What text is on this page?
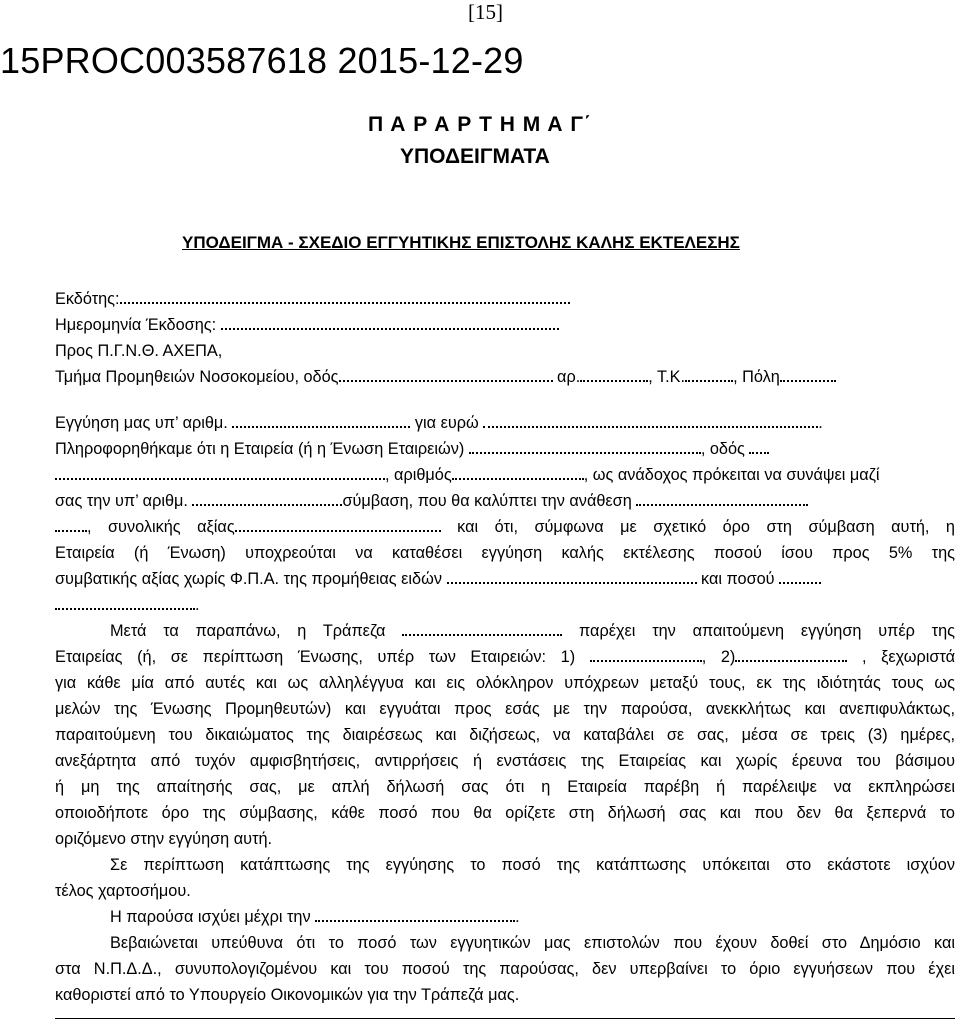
[15]
15PROC003587618 2015-12-29
Π Α Ρ Α Ρ Τ Η Μ Α Γ΄
ΥΠΟΔΕΙΓΜΑΤΑ
ΥΠΟΔΕΙΓΜΑ - ΣΧΕΔΙΟ ΕΓΓΥΗΤΙΚΗΣ ΕΠΙΣΤΟΛΗΣ ΚΑΛΗΣ ΕΚΤΕΛΕΣΗΣ
Εκδότης:
Ημερομηνία Έκδοσης:
Προς Π.Γ.Ν.Θ. ΑΧΕΠΑ,
Τμήμα Προμηθειών Νοσοκομείου, οδός	αρ.	, Τ.Κ.	, Πόλη
Εγγύηση μας υπ’ αριθμ.	για ευρώ	.
Πληροφορηθήκαμε ότι η Εταιρεία (ή η Ένωση Εταιρειών)	, οδός
, αριθμός	, ως ανάδοχος πρόκειται να συνάψει μαζί
σας την υπ’ αριθμ.	σύμβαση, που θα καλύπτει την ανάθεση
, συνολικής αξίας	και ότι, σύμφωνα με σχετικό όρο στη σύμβαση αυτή, η
Εταιρεία (ή Ένωση) υποχρεούται να καταθέσει εγγύηση καλής εκτέλεσης ποσού ίσου προς 5% της
συμβατικής αξίας χωρίς Φ.Π.Α. της προμήθειας ειδών	και ποσού
.
Μετά τα παραπάνω, η Τράπεζα	παρέχει την απαιτούμενη εγγύηση υπέρ της
Εταιρείας (ή, σε περίπτωση Ένωσης, υπέρ των Εταιρειών: 1)	, 2)	, ξεχωριστά
για κάθε μία από αυτές και ως αλληλέγγυα και εις ολόκληρον υπόχρεων μεταξύ τους, εκ της ιδιότητάς τους ως
μελών της Ένωσης Προμηθευτών) και εγγυάται προς εσάς με την παρούσα, ανεκκλήτως και ανεπιφυλάκτως,
παραιτούμενη του δικαιώματος της διαιρέσεως και διζήσεως, να καταβάλει σε σας, μέσα σε τρεις (3) ημέρες,
ανεξάρτητα από τυχόν αμφισβητήσεις, αντιρρήσεις ή ενστάσεις της Εταιρείας και χωρίς έρευνα του βάσιμου
ή μη της απαίτησής σας, με απλή δήλωσή σας ότι η Εταιρεία παρέβη ή παρέλειψε να εκπληρώσει
οποιοδήποτε όρο της σύμβασης, κάθε ποσό που θα ορίζετε στη δήλωσή σας και που δεν θα ξεπερνά το
οριζόμενο στην εγγύηση αυτή.
Σε περίπτωση κατάπτωσης της εγγύησης το ποσό της κατάπτωσης υπόκειται στο εκάστοτε ισχύον
τέλος χαρτοσήμου.
Η παρούσα ισχύει μέχρι την	.
Βεβαιώνεται υπεύθυνα ότι το ποσό των εγγυητικών μας επιστολών που έχουν δοθεί στο Δημόσιο και
στα Ν.Π.Δ.Δ., συνυπολογιζομένου και του ποσού της παρούσας, δεν υπερβαίνει το όριο εγγυήσεων που έχει
καθοριστεί από το Υπουργείο Οικονομικών για την Τράπεζά μας.
